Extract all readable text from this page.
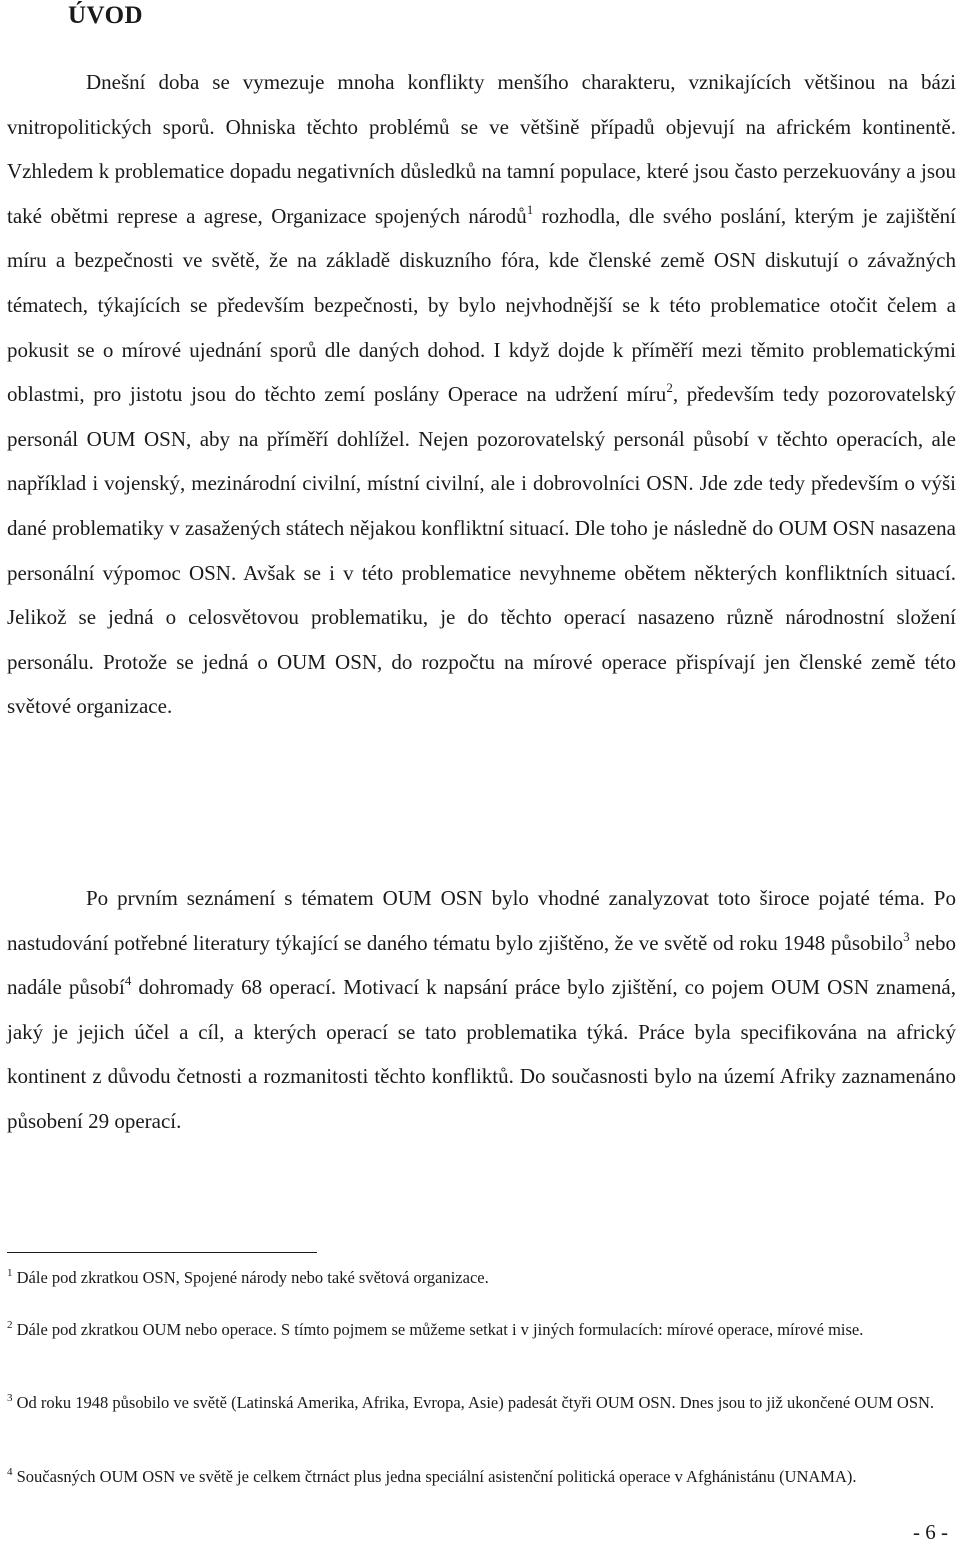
ÚVOD

Dnešní doba se vymezuje mnoha konflikty menšího charakteru, vznikajících většinou na bázi vnitropolitických sporů. Ohniska těchto problémů se ve většině případů objevují na africkém kontinentě. Vzhledem k problematice dopadu negativních důsledků na tamní populace, které jsou často perzekuovány a jsou také obětmi represe a agrese, Organizace spojených národů$^1$ rozhodla, dle svého poslání, kterým je zajištění míru a bezpečnosti ve světě, že na základě diskuzního fóra, kde členské země OSN diskutují o závažných tématech, týkajících se především bezpečnosti, by bylo nejvhodnější se k této problematice otočit čelem a pokusit se o mírové ujednání sporů dle daných dohod. I když dojde k příměří mezi těmito problematickými oblastmi, pro jistotu jsou do těchto zemí poslány Operace na udržení míru$^2$, především tedy pozorovatelský personál OUM OSN, aby na příměří dohlížel. Nejen pozorovatelský personál působí v těchto operacích, ale například i vojenský, mezinárodní civilní, místní civilní, ale i dobrovolníci OSN. Jde zde tedy především o výši dané problematiky v zasažených státech nějakou konfliktní situací. Dle toho je následně do OUM OSN nasazena personální výpomoc OSN. Avšak se i v této problematice nevyhneme obětem některých konfliktních situací. Jelikož se jedná o celosvětovou problematiku, je do těchto operací nasazeno různě národnostní složení personálu. Protože se jedná o OUM OSN, do rozpočtu na mírové operace přispívají jen členské země této světové organizace.

Po prvním seznámení s tématem OUM OSN bylo vhodné zanalyzovat toto široce pojaté téma. Po nastudování potřebné literatury týkající se daného tématu bylo zjištěno, že ve světě od roku 1948 působilo$^3$ nebo nadále působí$^4$ dohromady 68 operací. Motivací k napsání práce bylo zjištění, co pojem OUM OSN znamená, jaký je jejich účel a cíl, a kterých operací se tato problematika týká. Práce byla specifikována na africký kontinent z důvodu četnosti a rozmanitosti těchto konfliktů. Do současnosti bylo na území Afriky zaznamenáno působení 29 operací.

$^1$ Dále pod zkratkou OSN, Spojené národy nebo také světová organizace.

$^2$ Dále pod zkratkou OUM nebo operace. S tímto pojmem se můžeme setkat i v jiných formulacích: mírové operace, mírové mise.

$^3$ Od roku 1948 působilo ve světě (Latinská Amerika, Afrika, Evropa, Asie) padesát čtyři OUM OSN. Dnes jsou to již ukončené OUM OSN.

$^4$ Současných OUM OSN ve světě je celkem čtrnáct plus jedna speciální asistenční politická operace v Afghánistánu (UNAMA).

- 6 -
